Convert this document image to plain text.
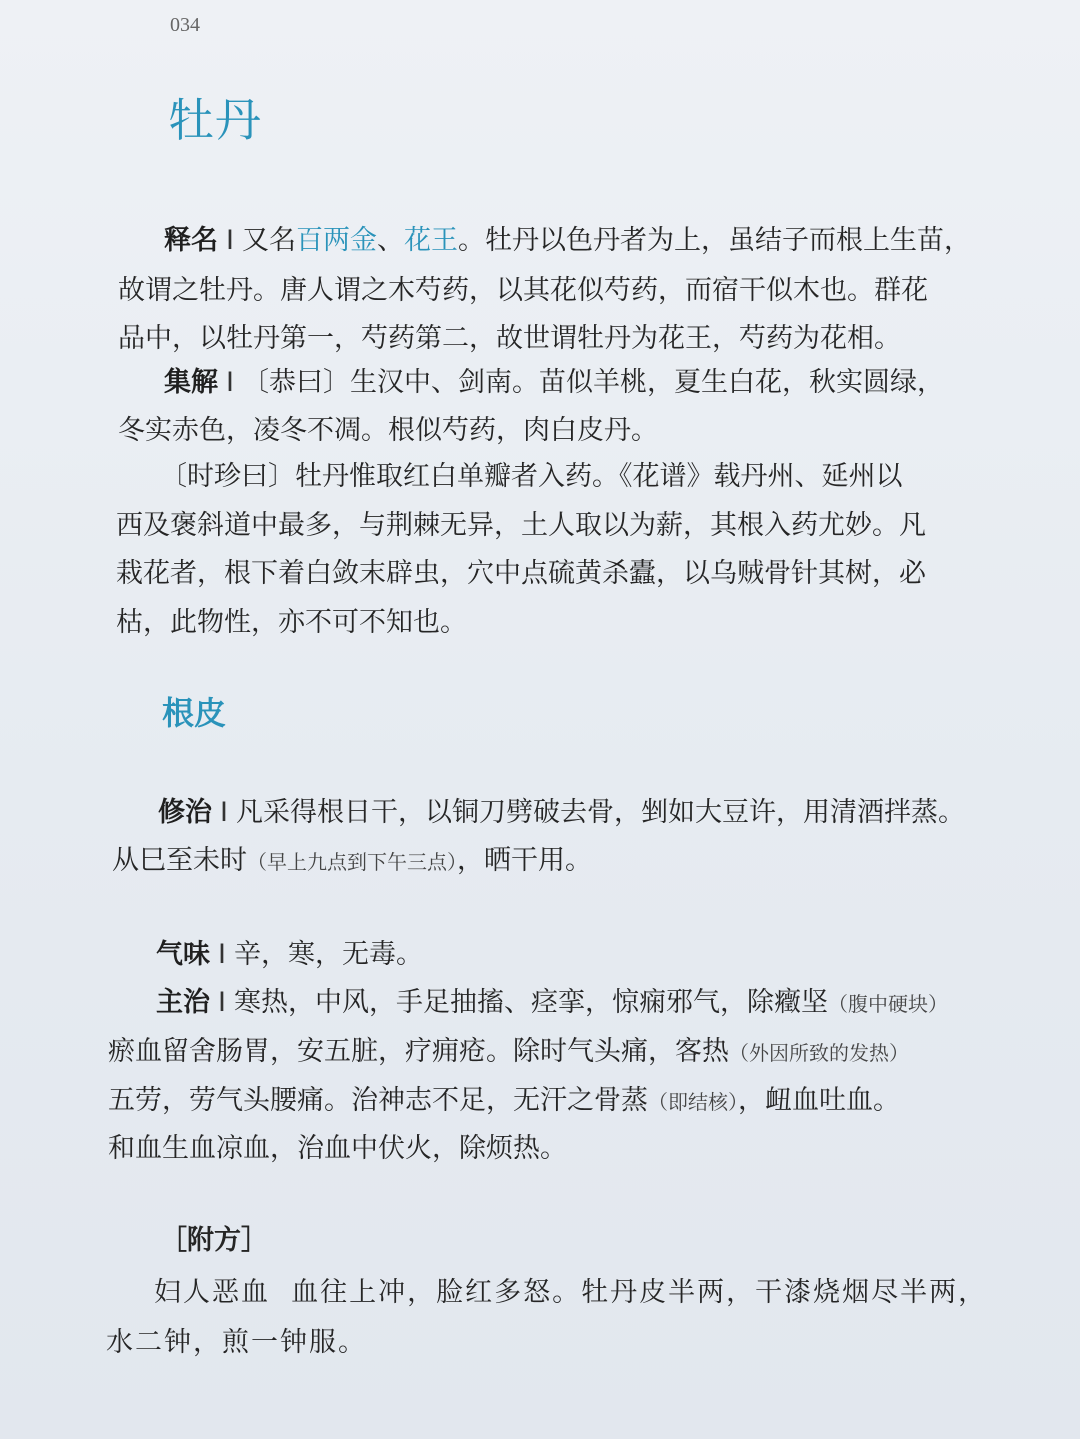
034
牡丹
释名 I 又名百两金、花王。牡丹以色丹者为上，虽结子而根上生苗，
故谓之牡丹。唐人谓之木芍药，以其花似芍药，而宿干似木也。群花
品中，以牡丹第一，芍药第二，故世谓牡丹为花王，芍药为花相。
集解 I 〔恭曰〕生汉中、剑南。苗似羊桃，夏生白花，秋实圆绿，
冬实赤色，凌冬不凋。根似芍药，肉白皮丹。
〔时珍曰〕牡丹惟取红白单瓣者入药。《花谱》载丹州、延州以
西及褒斜道中最多，与荆棘无异，土人取以为薪，其根入药尤妙。凡
栽花者，根下着白敛末辟虫，穴中点硫黄杀蠹，以乌贼骨针其树，必
枯，此物性，亦不可不知也。
根皮
修治 I 凡采得根日干，以铜刀劈破去骨，剉如大豆许，用清酒拌蒸。
从巳至未时（早上九点到下午三点），晒干用。
气味 I 辛，寒，无毒。
主治 I 寒热，中风，手足抽搐、痉挛，惊痫邪气，除癥坚（腹中硬块）
瘀血留舍肠胃，安五脏，疗痈疮。除时气头痛，客热（外因所致的发热）
五劳，劳气头腰痛。治神志不足，无汗之骨蒸（即结核），衄血吐血。
和血生血凉血，治血中伏火，除烦热。
［附方］
妇人恶血 血往上冲，脸红多怒。牡丹皮半两，干漆烧烟尽半两，
水二钟，煎一钟服。
